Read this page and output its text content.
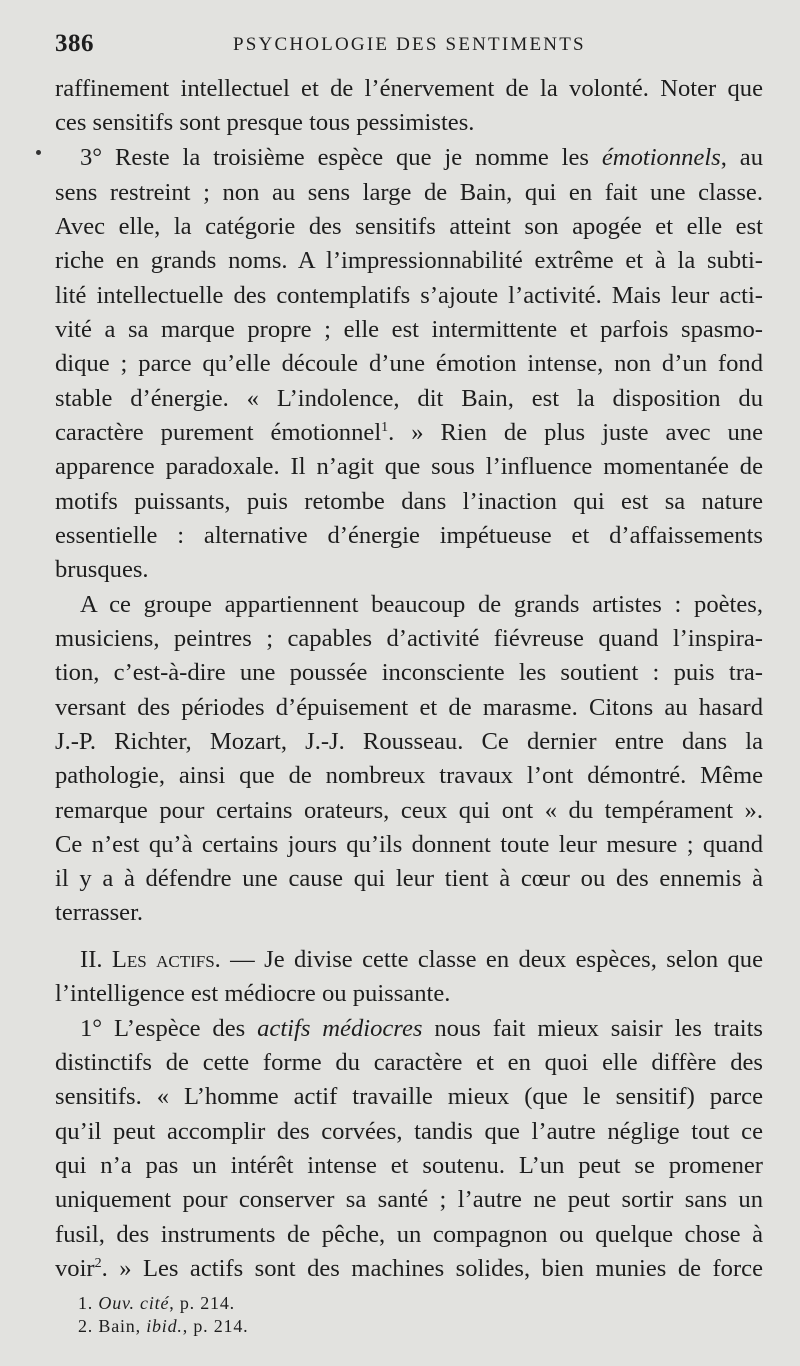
386	PSYCHOLOGIE DES SENTIMENTS
raffinement intellectuel et de l’énervement de la volonté. Noter que
ces sensitifs sont presque tous pessimistes.
3° Reste la troisième espèce que je nomme les émotionnels, au
sens restreint ; non au sens large de Bain, qui en fait une classe.
Avec elle, la catégorie des sensitifs atteint son apogée et elle est
riche en grands noms. A l’impressionnabilité extrême et à la subti-
lité intellectuelle des contemplatifs s’ajoute l’activité. Mais leur acti-
vité a sa marque propre ; elle est intermittente et parfois spasmo-
dique ; parce qu’elle découle d’une émotion intense, non d’un fond
stable d’énergie. « L’indolence, dit Bain, est la disposition du
caractère purement émotionnel$^1$. » Rien de plus juste avec une
apparence paradoxale. Il n’agit que sous l’influence momentanée de
motifs puissants, puis retombe dans l’inaction qui est sa nature
essentielle : alternative d’énergie impétueuse et d’affaissements
brusques.
A ce groupe appartiennent beaucoup de grands artistes : poètes,
musiciens, peintres ; capables d’activité fiévreuse quand l’inspira-
tion, c’est-à-dire une poussée inconsciente les soutient : puis tra-
versant des périodes d’épuisement et de marasme. Citons au hasard
J.-P. Richter, Mozart, J.-J. Rousseau. Ce dernier entre dans la
pathologie, ainsi que de nombreux travaux l’ont démontré. Même
remarque pour certains orateurs, ceux qui ont « du tempérament ».
Ce n’est qu’à certains jours qu’ils donnent toute leur mesure ; quand
il y a à défendre une cause qui leur tient à cœur ou des ennemis à
terrasser.
II. Les actifs. — Je divise cette classe en deux espèces, selon que
l’intelligence est médiocre ou puissante.
1° L’espèce des actifs médiocres nous fait mieux saisir les traits
distinctifs de cette forme du caractère et en quoi elle diffère des
sensitifs. « L’homme actif travaille mieux (que le sensitif) parce
qu’il peut accomplir des corvées, tandis que l’autre néglige tout ce
qui n’a pas un intérêt intense et soutenu. L’un peut se promener
uniquement pour conserver sa santé ; l’autre ne peut sortir sans un
fusil, des instruments de pêche, un compagnon ou quelque chose à
voir$^2$. » Les actifs sont des machines solides, bien munies de force
1. Ouv. cité, p. 214.
2. Bain, ibid., p. 214.
